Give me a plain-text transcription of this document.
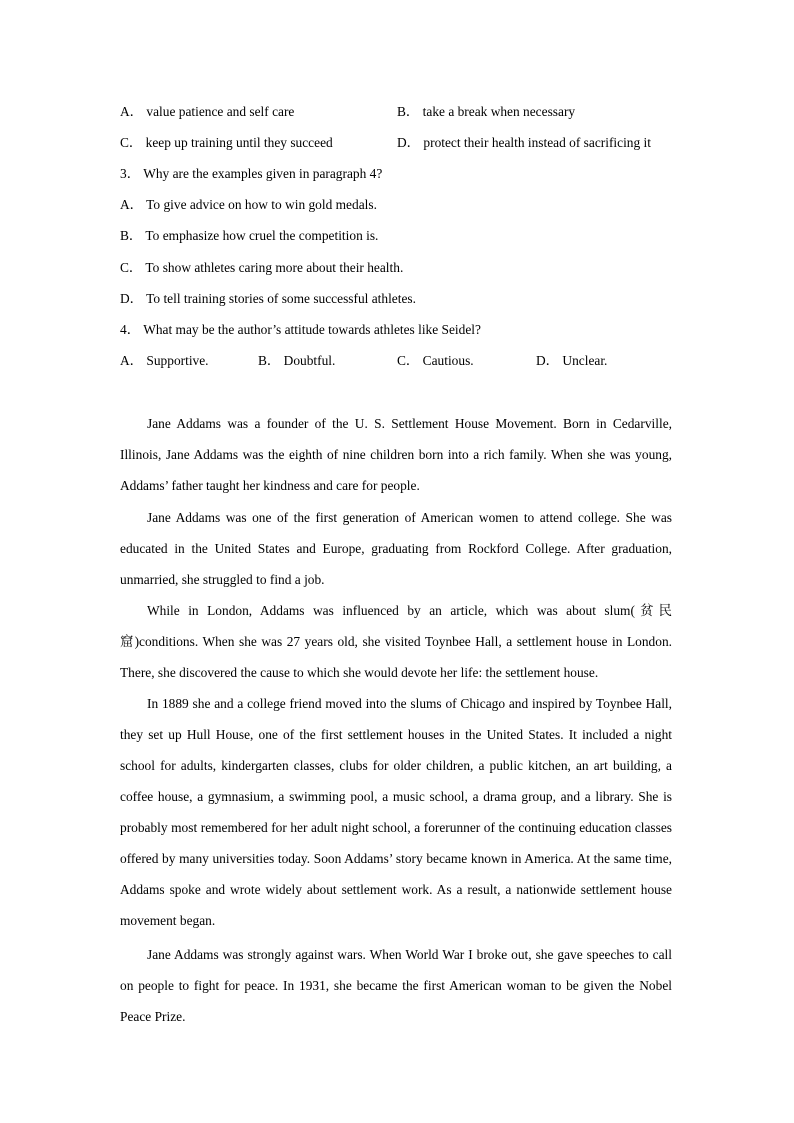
A． value patience and self care	B． take a break when necessary
C． keep up training until they succeed	D． protect their health instead of sacrificing it
3． Why are the examples given in paragraph 4?
A． To give advice on how to win gold medals.
B． To emphasize how cruel the competition is.
C． To show athletes caring more about their health.
D． To tell training stories of some successful athletes.
4． What may be the author’s attitude towards athletes like Seidel?
A． Supportive.	B． Doubtful.	C． Cautious.	D． Unclear.

Jane Addams was a founder of the U. S. Settlement House Movement. Born in Cedarville, Illinois, Jane Addams was the eighth of nine children born into a rich family. When she was young, Addams’ father taught her kindness and care for people.

Jane Addams was one of the first generation of American women to attend college. She was educated in the United States and Europe, graduating from Rockford College. After graduation, unmarried, she struggled to find a job.

While in London, Addams was influenced by an article, which was about slum(贫民窟)conditions. When she was 27 years old, she visited Toynbee Hall, a settlement house in London. There, she discovered the cause to which she would devote her life: the settlement house.

In 1889 she and a college friend moved into the slums of Chicago and inspired by Toynbee Hall, they set up Hull House, one of the first settlement houses in the United States. It included a night school for adults, kindergarten classes, clubs for older children, a public kitchen, an art building, a coffee house, a gymnasium, a swimming pool, a music school, a drama group, and a library. She is probably most remembered for her adult night school, a forerunner of the continuing education classes offered by many universities today. Soon Addams’ story became known in America. At the same time, Addams spoke and wrote widely about settlement work. As a result, a nationwide settlement house movement began.

Jane Addams was strongly against wars. When World War I broke out, she gave speeches to call on people to fight for peace. In 1931, she became the first American woman to be given the Nobel Peace Prize.
